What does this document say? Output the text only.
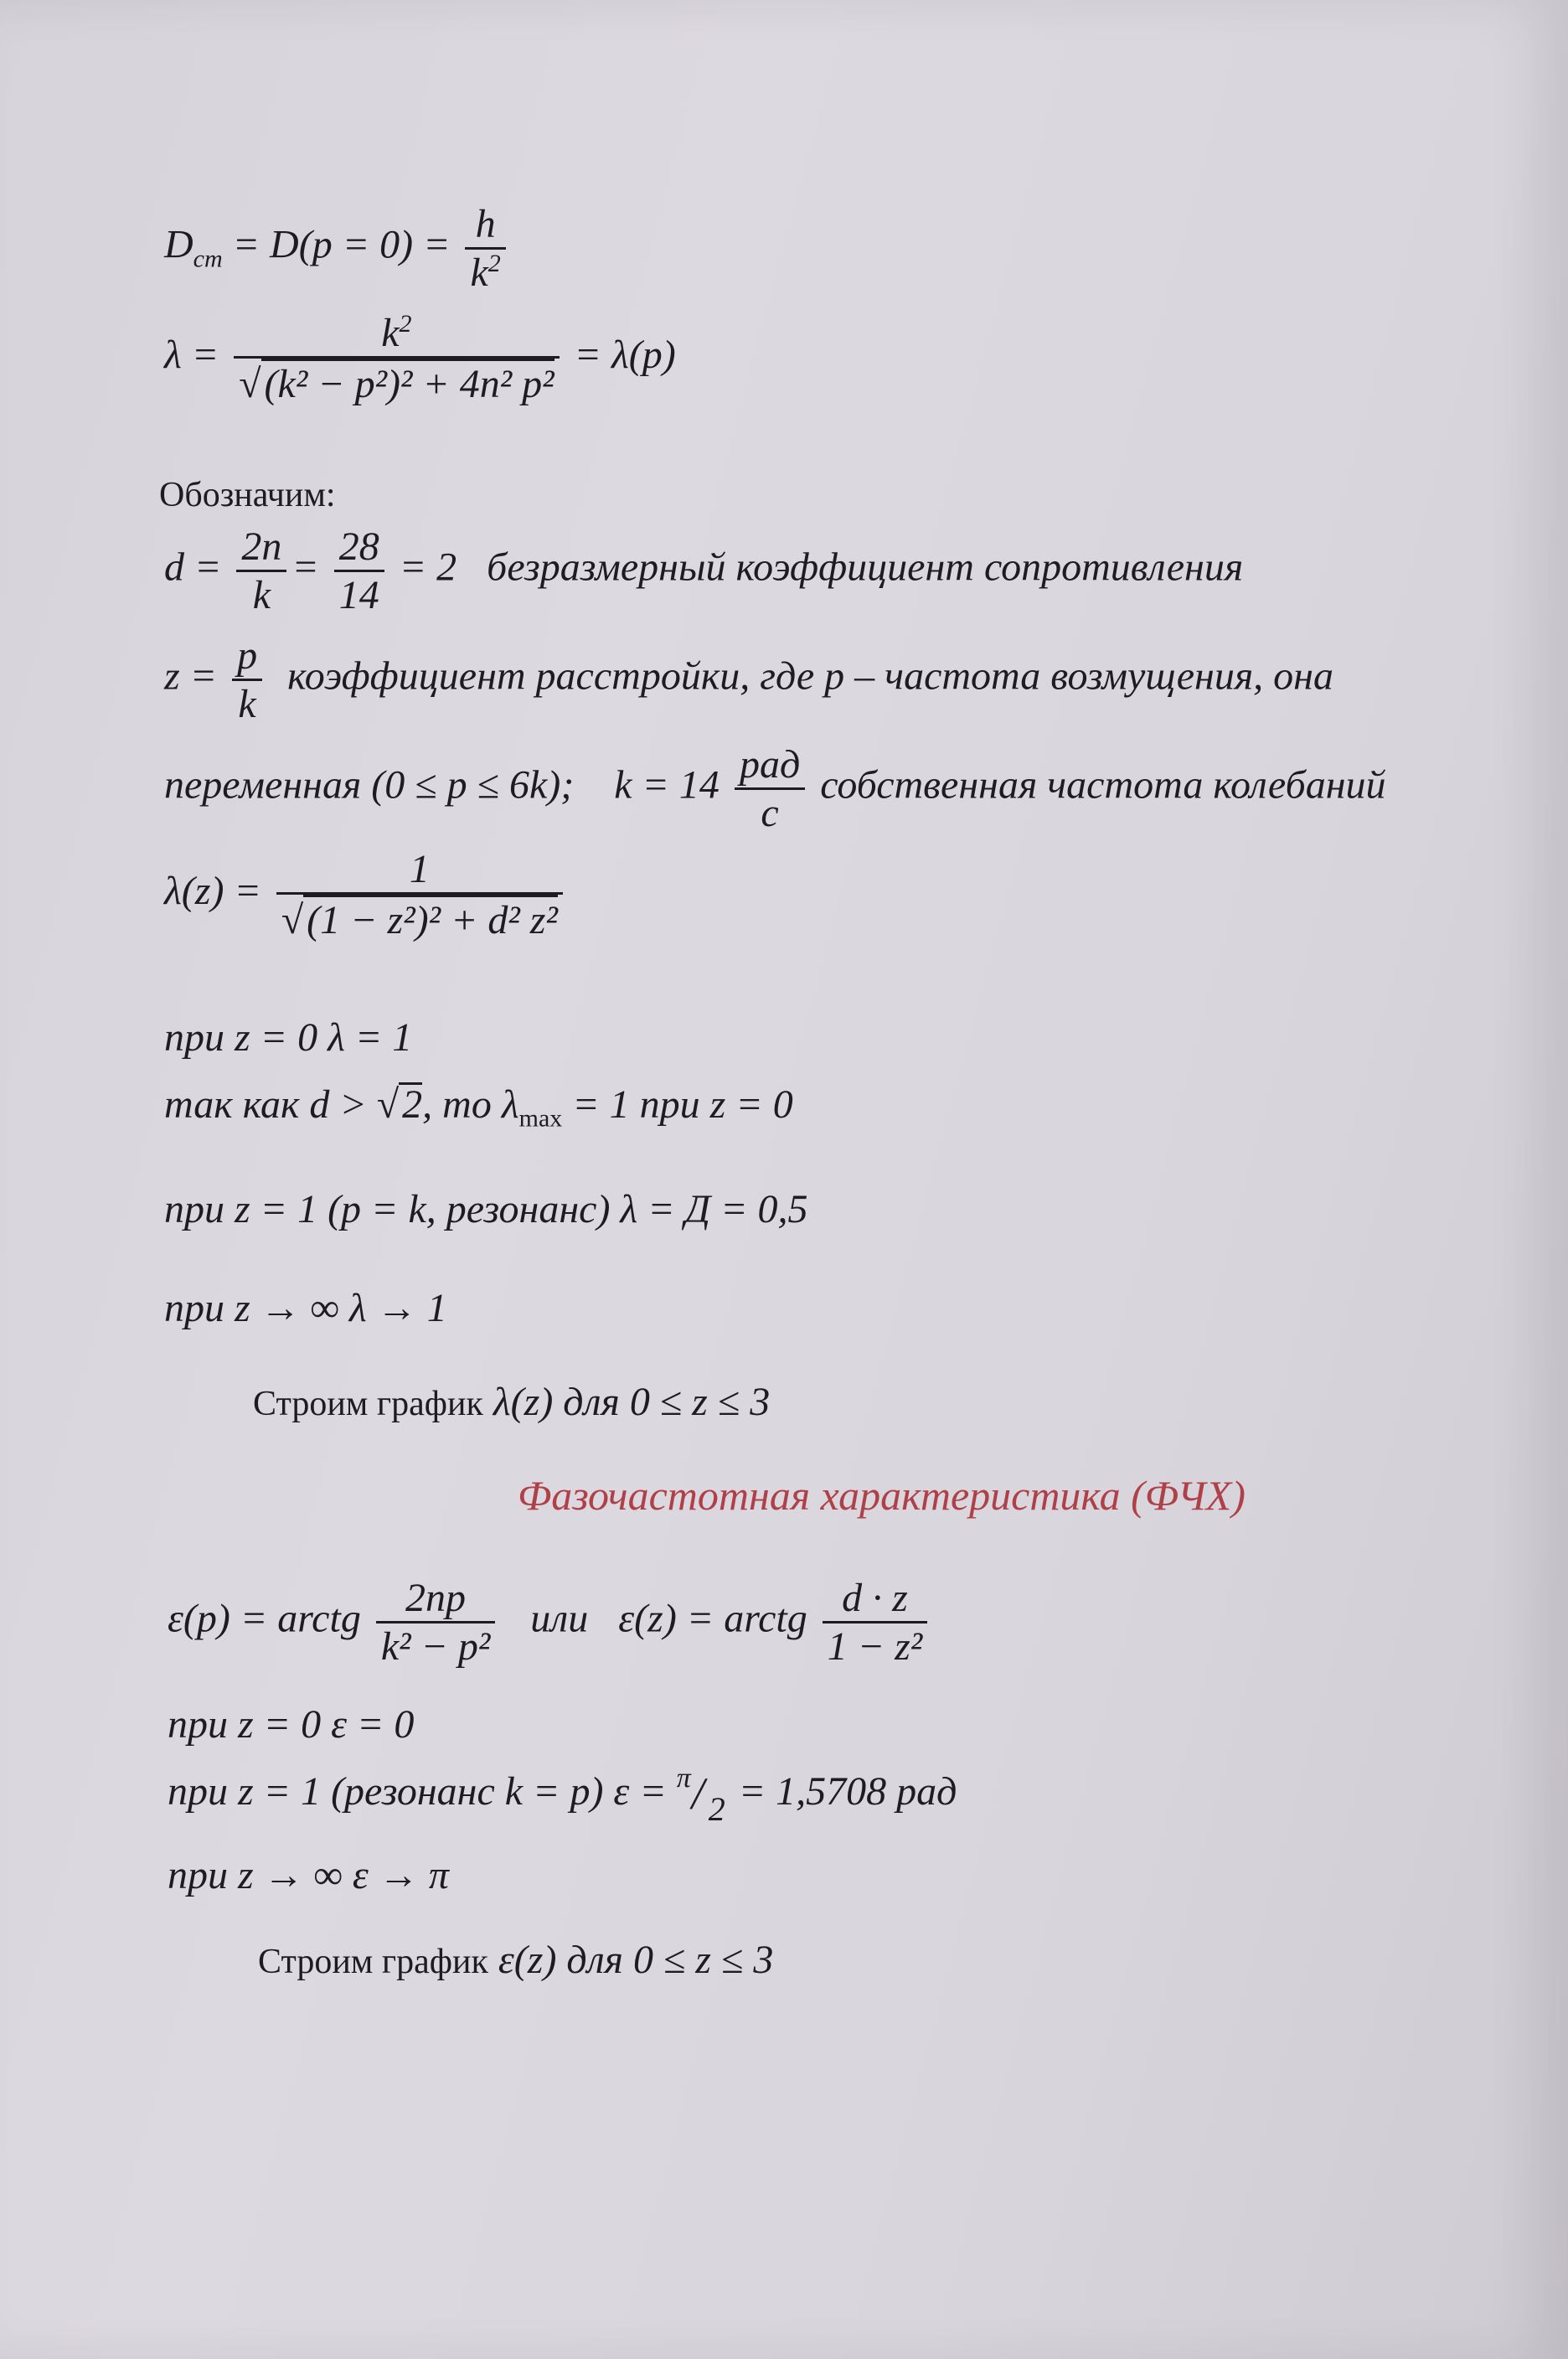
$D_{cm} = D(p = 0) = \frac{h}{k^2}$
$\lambda = \frac{k^2}{\text{√(k² − p²)² + 4n² p²}} = \lambda(p)$
Обозначим:
$d = \frac{2n}{k} = \frac{28}{14} = 2$ безразмерный коэффициент сопротивления
$z = \frac{p}{k}$ коэффициент расстройки, где p – частота возмущения, она
переменная (0 ≤ p ≤ 6k); $k = 14 \frac{\text{рад}}{с}$ собственная частота колебаний
$\lambda(z) = \frac{1}{\text{√(1 − z²)² + d² z²}}$
при z = 0 λ = 1
так как d > √2, то $\lambda_{max} = 1$ при z = 0
при z = 1 (p = k, резонанс) λ = Д = 0,5
при z → ∞ λ → 1
Строим график λ(z) для 0 ≤ z ≤ 3
Фазочастотная характеристика (ФЧХ)
ε(p) = arctg $\frac{2np}{\text{k² − p²}}$ или ε(z) = arctg $\frac{d \cdot z}{\text{1 − z²}}$
при z = 0 ε = 0
при z = 1 (резонанс k = p) ε = π / 2 = 1,5708 рад
при z → ∞ ε → π
Строим график ε(z) для 0 ≤ z ≤ 3
